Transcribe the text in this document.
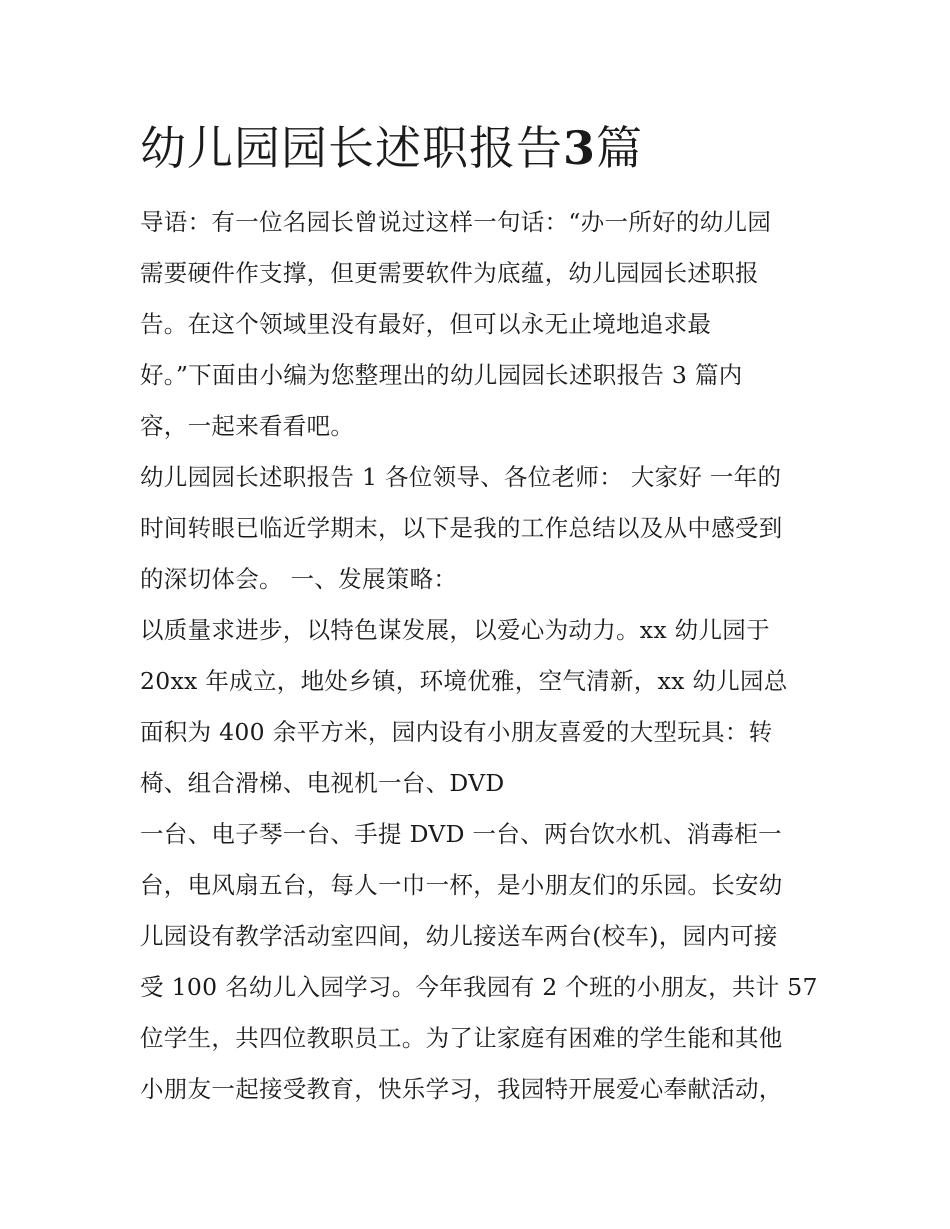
幼儿园园长述职报告3篇
导语：有一位名园长曾说过这样一句话：“办一所好的幼儿园
需要硬件作支撑，但更需要软件为底蕴，幼儿园园长述职报
告。在这个领域里没有最好，但可以永无止境地追求最
好。”下面由小编为您整理出的幼儿园园长述职报告 3 篇内
容，一起来看看吧。
幼儿园园长述职报告 1 各位领导、各位老师： 大家好 一年的
时间转眼已临近学期末，以下是我的工作总结以及从中感受到
的深切体会。 一、发展策略：
以质量求进步，以特色谋发展，以爱心为动力。xx 幼儿园于
20xx 年成立，地处乡镇，环境优雅，空气清新，xx 幼儿园总
面积为 400 余平方米，园内设有小朋友喜爱的大型玩具：转
椅、组合滑梯、电视机一台、DVD
一台、电子琴一台、手提 DVD 一台、两台饮水机、消毒柜一
台，电风扇五台，每人一巾一杯，是小朋友们的乐园。长安幼
儿园设有教学活动室四间，幼儿接送车两台(校车)，园内可接
受 100 名幼儿入园学习。今年我园有 2 个班的小朋友，共计 57
位学生，共四位教职员工。为了让家庭有困难的学生能和其他
小朋友一起接受教育，快乐学习，我园特开展爱心奉献活动，
